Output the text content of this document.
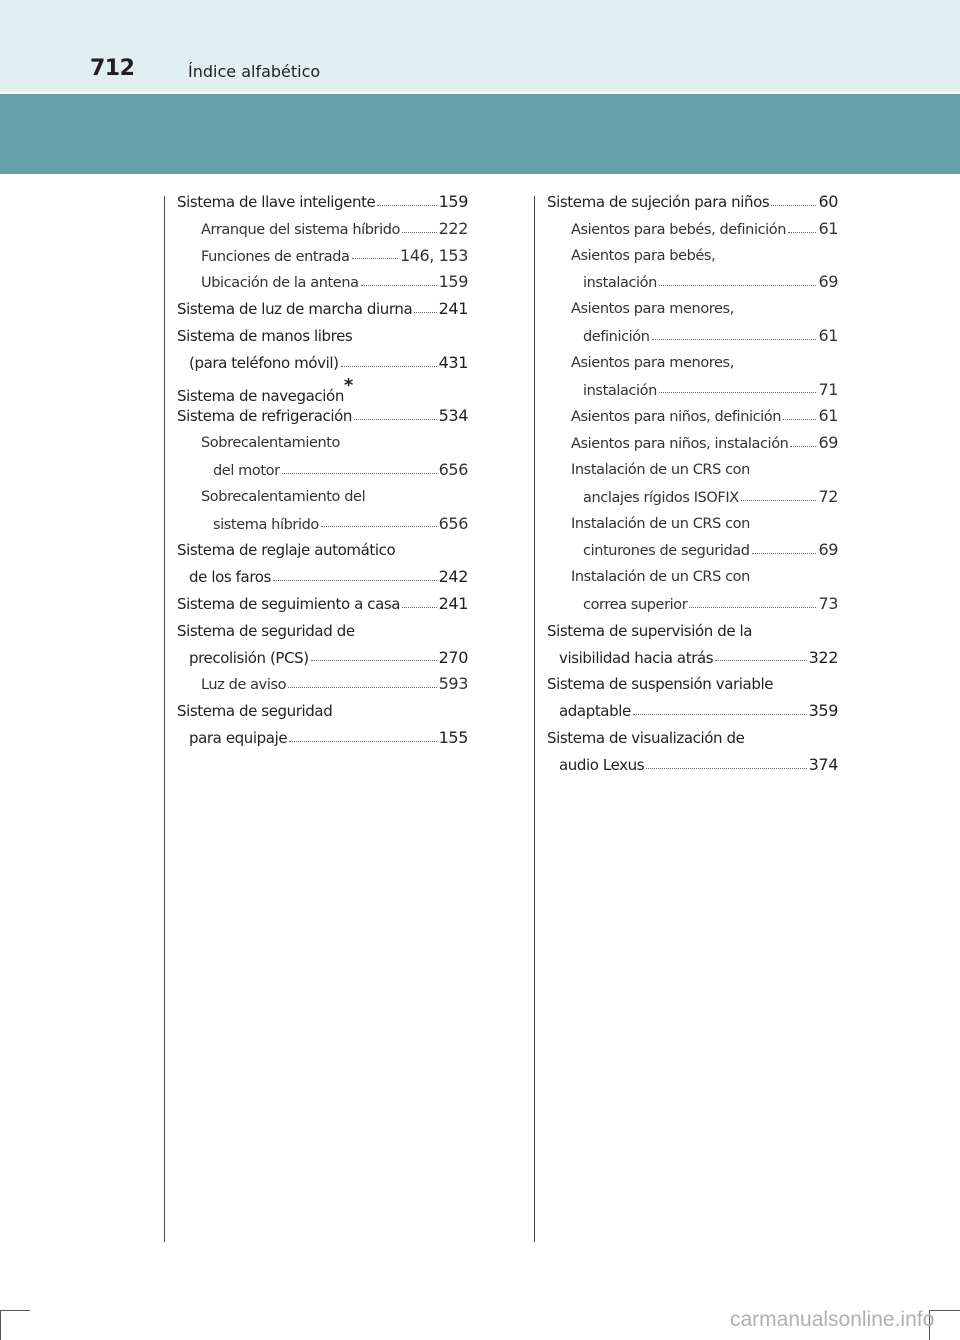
712	Índice alfabético
Sistema de llave inteligente	159
Arranque del sistema híbrido 222
Funciones de entrada	146, 153
Ubicación de la antena	159
Sistema de luz de marcha diurna 241
Sistema de manos libres
(para teléfono móvil)	431
Sistema de navegación*
Sistema de refrigeración	534
Sobrecalentamiento
del motor	656
Sobrecalentamiento del
sistema híbrido	656
Sistema de reglaje automático
de los faros	242
Sistema de seguimiento a casa 241
Sistema de seguridad de
precolisión (PCS)	270
Luz de aviso	593
Sistema de seguridad
para equipaje	155
Sistema de sujeción para niños	60
Asientos para bebés, definición 61
Asientos para bebés,
instalación	69
Asientos para menores,
definición	61
Asientos para menores,
instalación	71
Asientos para niños, definición 61
Asientos para niños, instalación 69
Instalación de un CRS con
anclajes rígidos ISOFIX	72
Instalación de un CRS con
cinturones de seguridad	69
Instalación de un CRS con
correa superior	73
Sistema de supervisión de la
visibilidad hacia atrás	322
Sistema de suspensión variable
adaptable	359
Sistema de visualización de
audio Lexus	374
carmanualsonline.info
